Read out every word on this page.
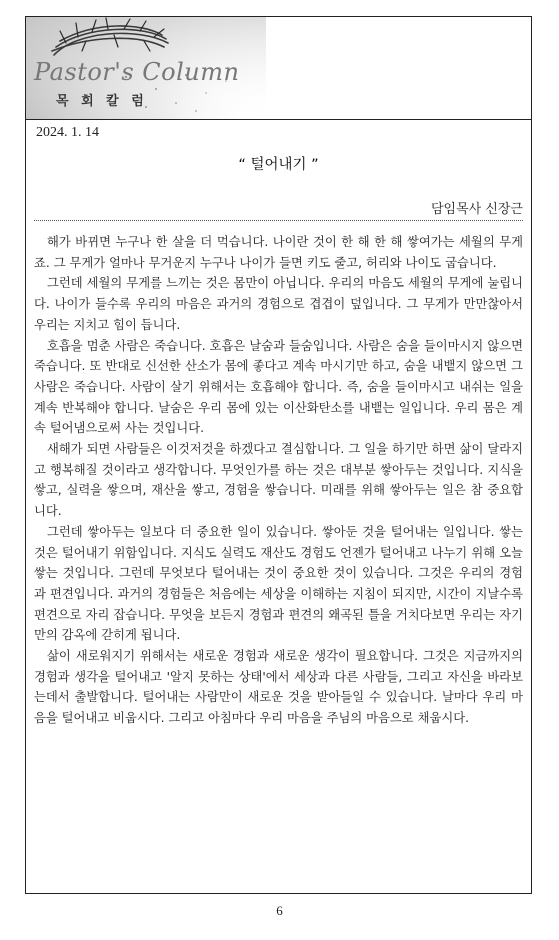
Pastor's Column
목 회 칼 럼
2024. 1. 14
“ 털어내기 ”
담임목사 신장근

해가 바뀌면 누구나 한 살을 더 먹습니다. 나이란 것이 한 해 한 해 쌓여가는 세월의 무게죠. 그 무게가 얼마나 무거운지 누구나 나이가 들면 키도 줄고, 허리와 나이도 굽습니다.

그런데 세월의 무게를 느끼는 것은 몸만이 아닙니다. 우리의 마음도 세월의 무게에 눌립니다. 나이가 들수록 우리의 마음은 과거의 경험으로 겹겹이 덮입니다. 그 무게가 만만찮아서 우리는 지치고 힘이 듭니다.

호흡을 멈춘 사람은 죽습니다. 호흡은 날숨과 들숨입니다. 사람은 숨을 들이마시지 않으면 죽습니다. 또 반대로 신선한 산소가 몸에 좋다고 계속 마시기만 하고, 숨을 내뱉지 않으면 그 사람은 죽습니다. 사람이 살기 위해서는 호흡해야 합니다. 즉, 숨을 들이마시고 내쉬는 일을 계속 반복해야 합니다. 날숨은 우리 몸에 있는 이산화탄소를 내뱉는 일입니다. 우리 몸은 계속 털어냄으로써 사는 것입니다.

새해가 되면 사람들은 이것저것을 하겠다고 결심합니다. 그 일을 하기만 하면 삶이 달라지고 행복해질 것이라고 생각합니다. 무엇인가를 하는 것은 대부분 쌓아두는 것입니다. 지식을 쌓고, 실력을 쌓으며, 재산을 쌓고, 경험을 쌓습니다. 미래를 위해 쌓아두는 일은 참 중요합니다.

그런데 쌓아두는 일보다 더 중요한 일이 있습니다. 쌓아둔 것을 털어내는 일입니다. 쌓는 것은 털어내기 위함입니다. 지식도 실력도 재산도 경험도 언젠가 털어내고 나누기 위해 오늘 쌓는 것입니다. 그런데 무엇보다 털어내는 것이 중요한 것이 있습니다. 그것은 우리의 경험과 편견입니다. 과거의 경험들은 처음에는 세상을 이해하는 지침이 되지만, 시간이 지날수록 편견으로 자리 잡습니다. 무엇을 보든지 경험과 편견의 왜곡된 틀을 거치다보면 우리는 자기만의 감옥에 갇히게 됩니다.

삶이 새로워지기 위해서는 새로운 경험과 새로운 생각이 필요합니다. 그것은 지금까지의 경험과 생각을 털어내고 '알지 못하는 상태'에서 세상과 다른 사람들, 그리고 자신을 바라보는데서 출발합니다. 털어내는 사람만이 새로운 것을 받아들일 수 있습니다. 날마다 우리 마음을 털어내고 비웁시다. 그리고 아침마다 우리 마음을 주님의 마음으로 채웁시다.

6
